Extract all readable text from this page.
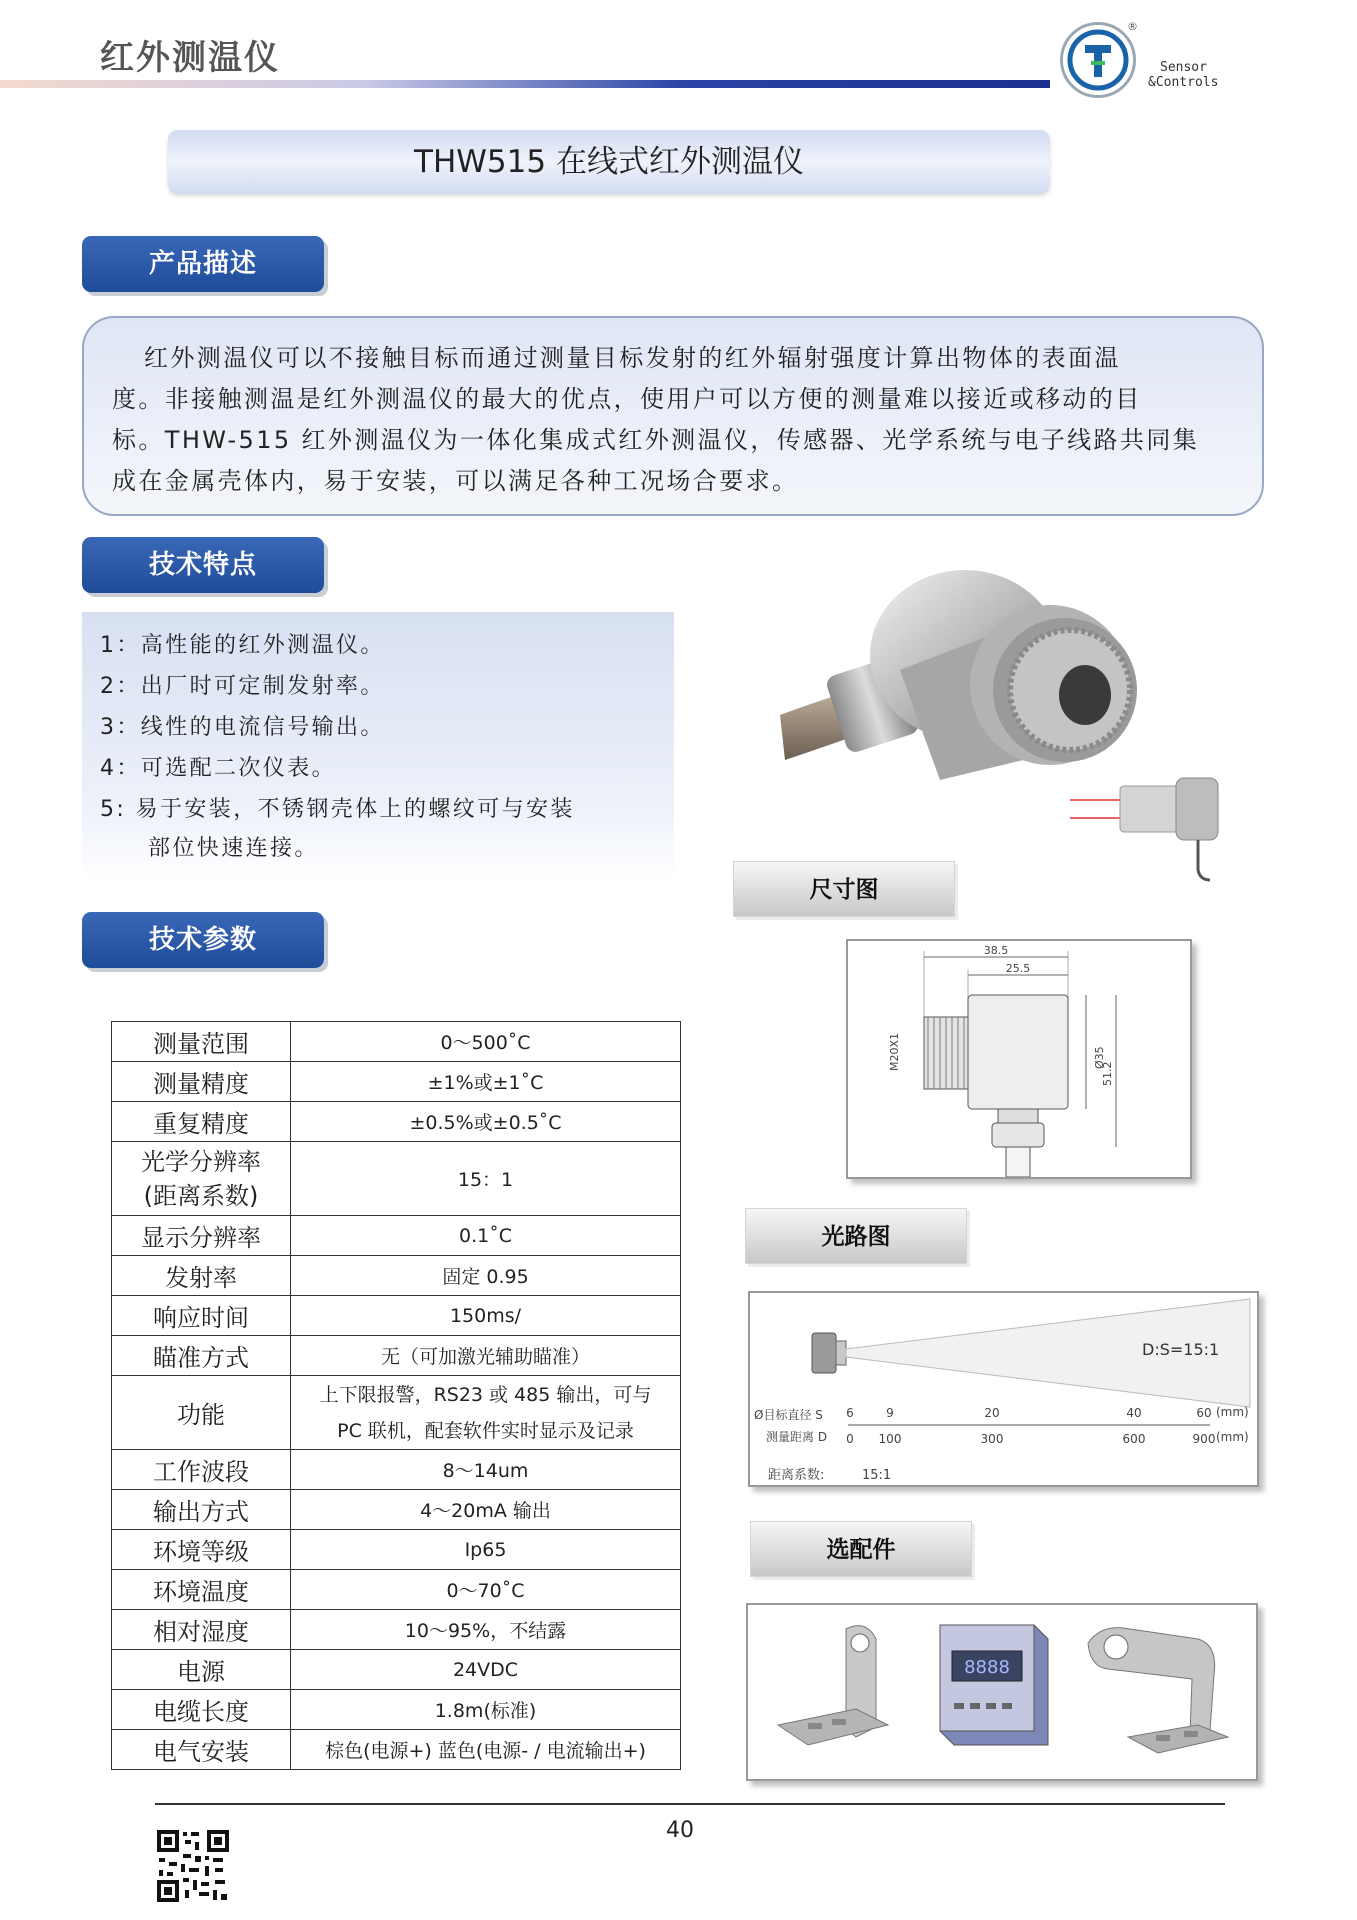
红外测温仪
®
Sensor
&Controls
THW515 在线式红外测温仪
产品描述
红外测温仪可以不接触目标而通过测量目标发射的红外辐射强度计算出物体的表面温
度。非接触测温是红外测温仪的最大的优点，使用户可以方便的测量难以接近或移动的目
标。THW-515 红外测温仪为一体化集成式红外测温仪，传感器、光学系统与电子线路共同集
成在金属壳体内，易于安装，可以满足各种工况场合要求。
技术特点
1：高性能的红外测温仪。
2：出厂时可定制发射率。
3：线性的电流信号输出。
4：可选配二次仪表。
5: 易于安装，不锈钢壳体上的螺纹可与安装
部位快速连接。
技术参数
测量范围	0～500˚C
测量精度	±1%或±1˚C
重复精度	±0.5%或±0.5˚C

光学分辨率
(距离系数)	15：1
显示分辨率	0.1˚C
发射率	固定 0.95
响应时间	150ms/
瞄准方式	无（可加激光辅助瞄准）
功能	上下限报警，RS23 或 485 输出，可与
PC 联机，配套软件实时显示及记录

工作波段	8～14um
输出方式	4～20mA 输出
环境等级	Ip65
环境温度	0～70˚C
相对湿度	10～95%，不结露
电源	24VDC
电缆长度	1.8m(标准)
电气安装	棕色(电源+) 蓝色(电源- / 电流输出+)
尺寸图
38.5
25.5
M20X1	Ø35
51.2
光路图
D:S=15:1
Ø目标直径 S 6	9	20	40	60 (mm)
测量距离 D 0 100	300	600	900 (mm)
距离系数:	15:1
选配件
8888
40
